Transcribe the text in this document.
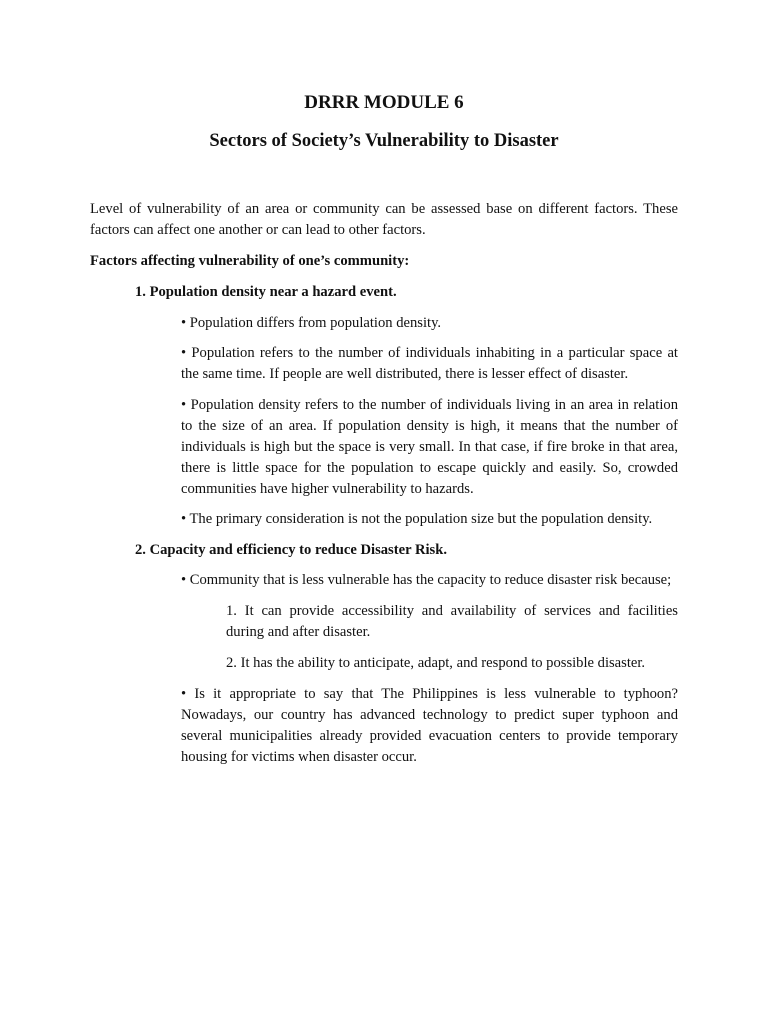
DRRR MODULE 6
Sectors of Society’s Vulnerability to Disaster

Level of vulnerability of an area or community can be assessed base on different factors. These factors can affect one another or can lead to other factors.

Factors affecting vulnerability of one’s community:

1. Population density near a hazard event.

• Population differs from population density.

• Population refers to the number of individuals inhabiting in a particular space at the same time. If people are well distributed, there is lesser effect of disaster.

• Population density refers to the number of individuals living in an area in relation to the size of an area. If population density is high, it means that the number of individuals is high but the space is very small. In that case, if fire broke in that area, there is little space for the population to escape quickly and easily. So, crowded communities have higher vulnerability to hazards.

• The primary consideration is not the population size but the population density.

2. Capacity and efficiency to reduce Disaster Risk.

• Community that is less vulnerable has the capacity to reduce disaster risk because;

1. It can provide accessibility and availability of services and facilities during and after disaster.

2. It has the ability to anticipate, adapt, and respond to possible disaster.

• Is it appropriate to say that The Philippines is less vulnerable to typhoon? Nowadays, our country has advanced technology to predict super typhoon and several municipalities already provided evacuation centers to provide temporary housing for victims when disaster occur.
